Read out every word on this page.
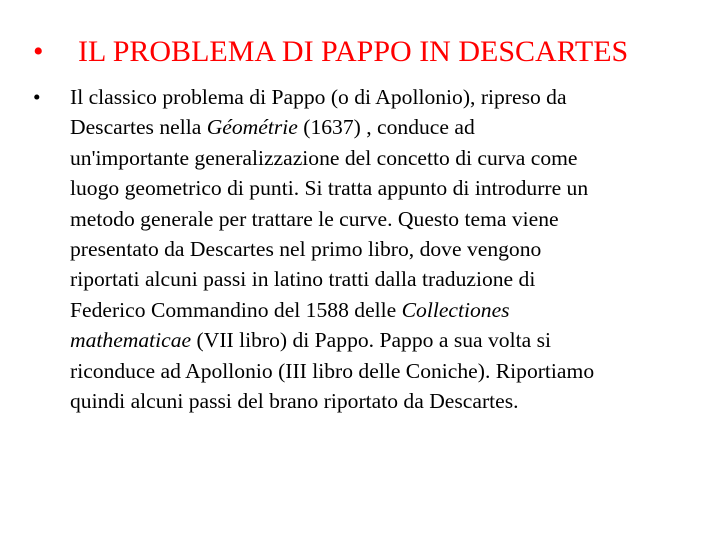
• IL PROBLEMA DI PAPPO IN DESCARTES
•	Il classico problema di Pappo (o di Apollonio), ripreso da
Descartes nella Géométrie (1637) , conduce ad
un'importante generalizzazione del concetto di curva come
luogo geometrico di punti. Si tratta appunto di introdurre un
metodo generale per trattare le curve. Questo tema viene
presentato da Descartes nel primo libro, dove vengono
riportati alcuni passi in latino tratti dalla traduzione di
Federico Commandino del 1588 delle Collectiones
mathematicae (VII libro) di Pappo. Pappo a sua volta si
riconduce ad Apollonio (III libro delle Coniche). Riportiamo
quindi alcuni passi del brano riportato da Descartes.
